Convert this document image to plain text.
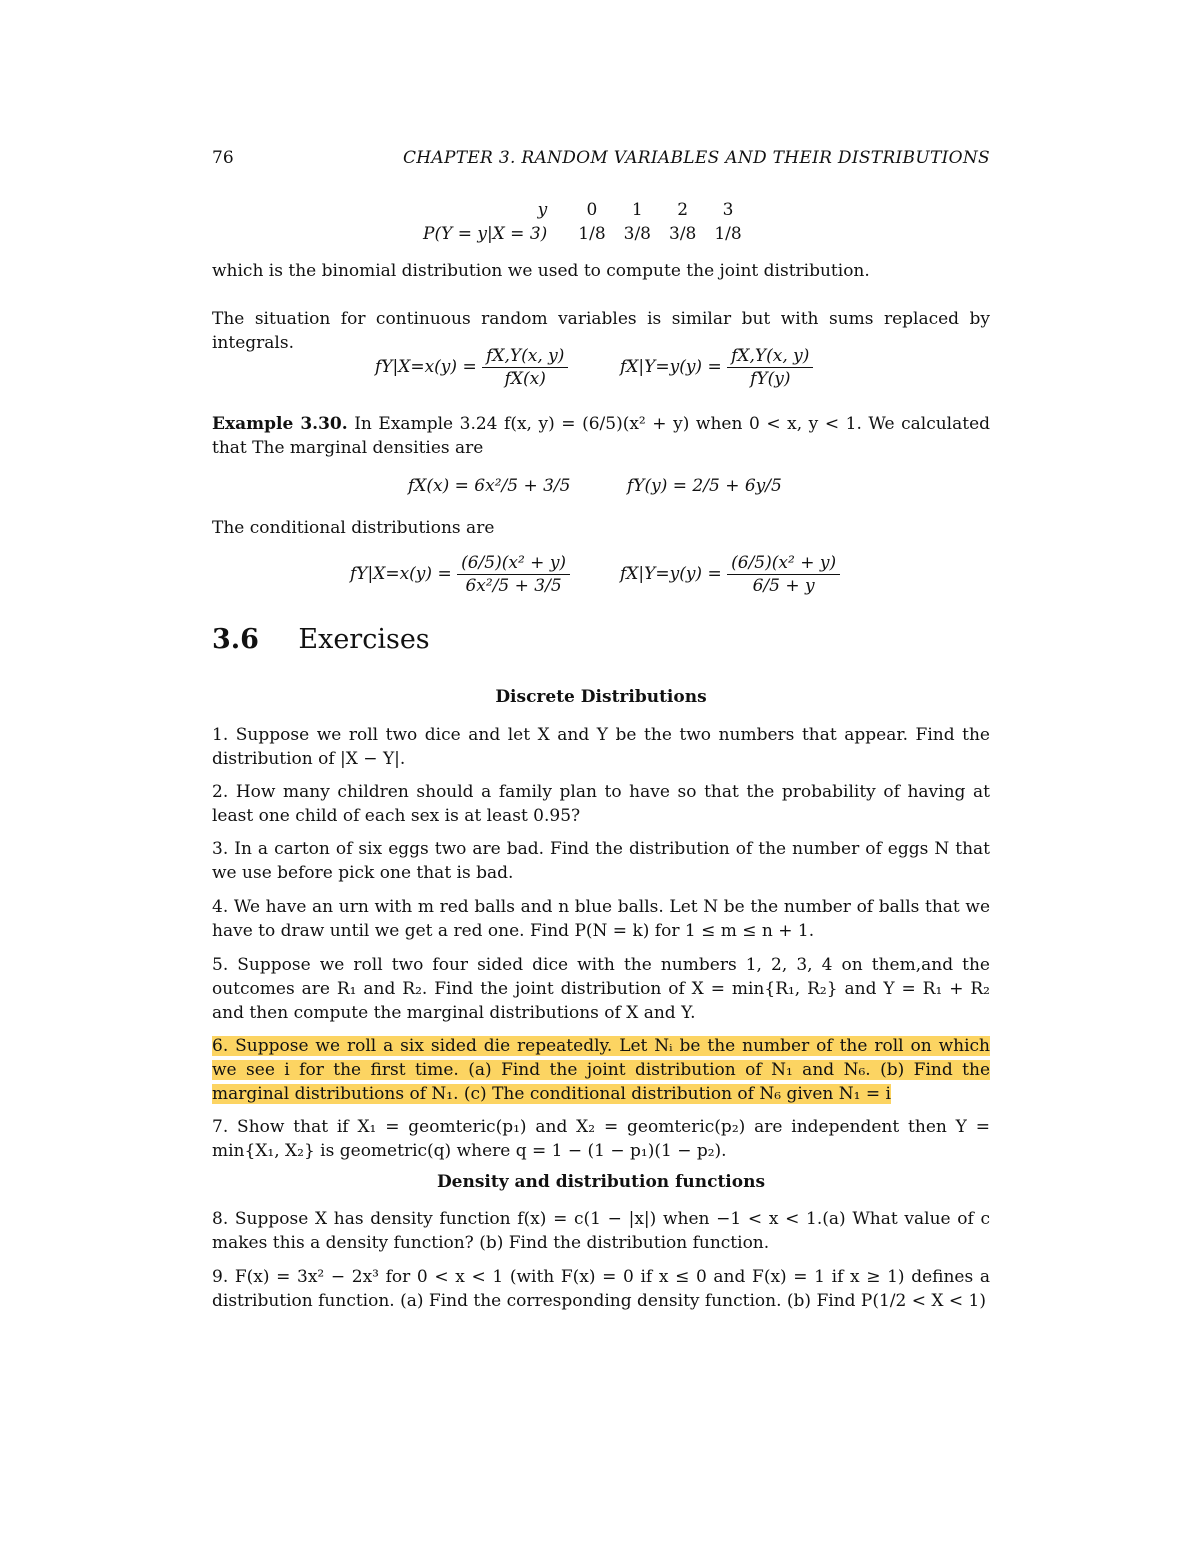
76	CHAPTER 3. RANDOM VARIABLES AND THEIR DISTRIBUTIONS
y	0	1	2	3
P(Y = y|X = 3)	1/8	3/8	3/8	1/8
which is the binomial distribution we used to compute the joint distribution.
The situation for continuous random variables is similar but with sums replaced by integrals.
$fY|X=x(y) = \frac{fX,Y(x, y)}{fX(x)}$	$fX|Y=y(y) = \frac{fX,Y(x, y)}{fY(y)}$
Example 3.30. In Example 3.24 f(x, y) = (6/5)(x² + y) when 0 < x, y < 1. We calculated that The marginal densities are
fX(x) = 6x²/5 + 3/5	fY(y) = 2/5 + 6y/5
The conditional distributions are
$fY|X=x(y) = \frac{\text{(6/5)(x² + y)}}{\text{6x²/5 + 3/5}}$	$fX|Y=y(y) = \frac{\text{(6/5)(x² + y)}}{6/5 + y}$
3.6 Exercises
Discrete Distributions
1. Suppose we roll two dice and let X and Y be the two numbers that appear. Find the distribution of |X − Y|.
2. How many children should a family plan to have so that the probability of having at least one child of each sex is at least 0.95?
3. In a carton of six eggs two are bad. Find the distribution of the number of eggs N that we use before pick one that is bad.
4. We have an urn with m red balls and n blue balls. Let N be the number of balls that we have to draw until we get a red one. Find P(N = k) for 1 ≤ m ≤ n + 1.
5. Suppose we roll two four sided dice with the numbers 1, 2, 3, 4 on them,and the outcomes are R₁ and R₂. Find the joint distribution of X = min{R₁, R₂} and Y = R₁ + R₂ and then compute the marginal distributions of X and Y.
6. Suppose we roll a six sided die repeatedly. Let Nᵢ be the number of the roll on which we see i for the first time. (a) Find the joint distribution of N₁ and N₆. (b) Find the marginal distributions of N₁. (c) The conditional distribution of N₆ given N₁ = i
7. Show that if X₁ = geomteric(p₁) and X₂ = geomteric(p₂) are independent then Y = min{X₁, X₂} is geometric(q) where q = 1 − (1 − p₁)(1 − p₂).
Density and distribution functions
8. Suppose X has density function f(x) = c(1 − |x|) when −1 < x < 1.(a) What value of c makes this a density function? (b) Find the distribution function.
9. F(x) = 3x² − 2x³ for 0 < x < 1 (with F(x) = 0 if x ≤ 0 and F(x) = 1 if x ≥ 1) defines a distribution function. (a) Find the corresponding density function. (b) Find P(1/2 < X < 1)
